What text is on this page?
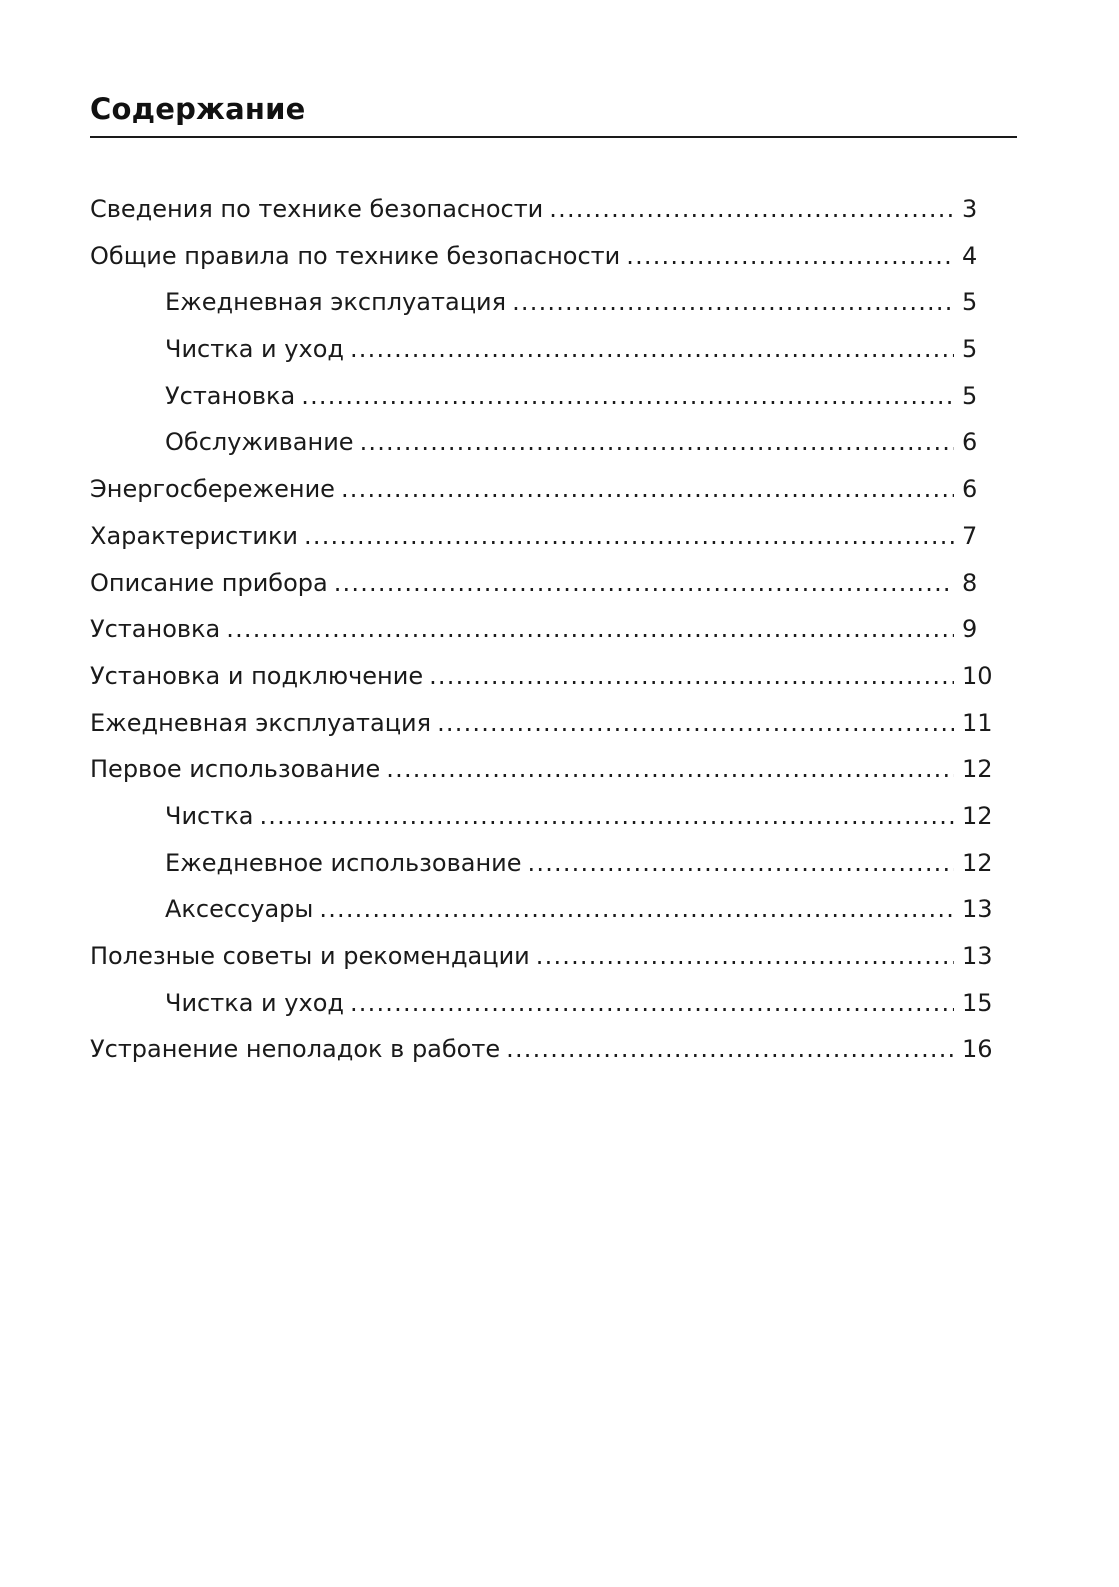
Содержание
Сведения по технике безопасности .....	3
Общие правила по технике безопасности .....	4
Ежедневная эксплуатация .....	5
Чистка и уход .....	5
Установка .....	5
Обслуживание .....	6
Энергосбережение .....	6
Характеристики .....	7
Описание прибора .....	8
Установка .....	9
Установка и подключение .....	10
Ежедневная эксплуатация .....	11
Первое использование .....	12
Чистка .....	12
Ежедневное использование .....	12
Аксессуары .....	13
Полезные советы и рекомендации .....	13
Чистка и уход .....	15
Устранение неполадок в работе .....	16
